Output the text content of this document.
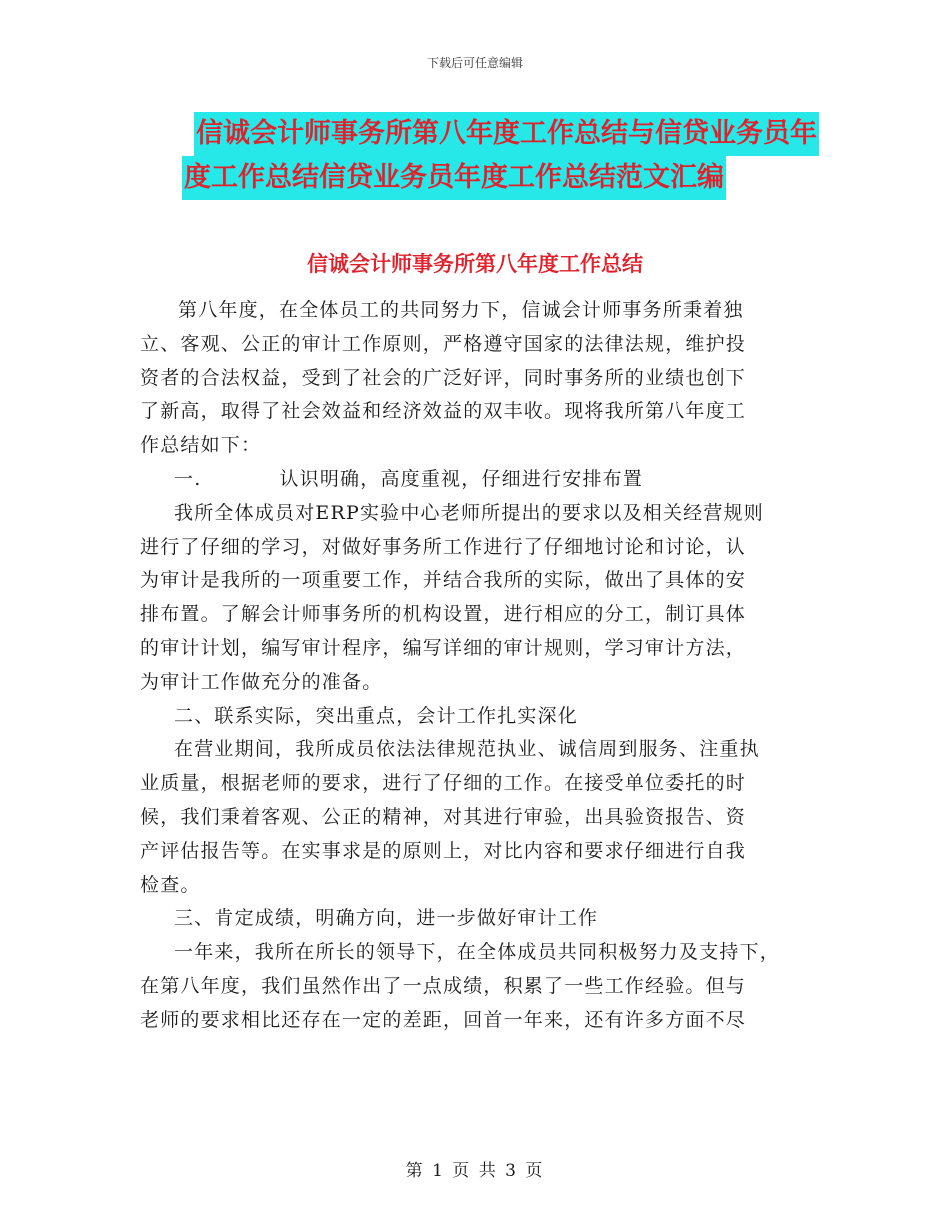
下载后可任意编辑
信诚会计师事务所第八年度工作总结与信贷业务员年
度工作总结信贷业务员年度工作总结范文汇编
信诚会计师事务所第八年度工作总结
第八年度，在全体员工的共同努力下，信诚会计师事务所秉着独
立、客观、公正的审计工作原则，严格遵守国家的法律法规，维护投
资者的合法权益，受到了社会的广泛好评，同时事务所的业绩也创下
了新高，取得了社会效益和经济效益的双丰收。现将我所第八年度工
作总结如下：
一.	认识明确，高度重视，仔细进行安排布置
我所全体成员对ERP实验中心老师所提出的要求以及相关经营规则
进行了仔细的学习，对做好事务所工作进行了仔细地讨论和讨论，认
为审计是我所的一项重要工作，并结合我所的实际，做出了具体的安
排布置。了解会计师事务所的机构设置，进行相应的分工，制订具体
的审计计划，编写审计程序，编写详细的审计规则，学习审计方法，
为审计工作做充分的准备。
二、联系实际，突出重点，会计工作扎实深化
在营业期间，我所成员依法法律规范执业、诚信周到服务、注重执
业质量，根据老师的要求，进行了仔细的工作。在接受单位委托的时
候，我们秉着客观、公正的精神，对其进行审验，出具验资报告、资
产评估报告等。在实事求是的原则上，对比内容和要求仔细进行自我
检查。
三、肯定成绩，明确方向，进一步做好审计工作
一年来，我所在所长的领导下，在全体成员共同积极努力及支持下，
在第八年度，我们虽然作出了一点成绩，积累了一些工作经验。但与
老师的要求相比还存在一定的差距，回首一年来，还有许多方面不尽
第 1 页 共 3 页
